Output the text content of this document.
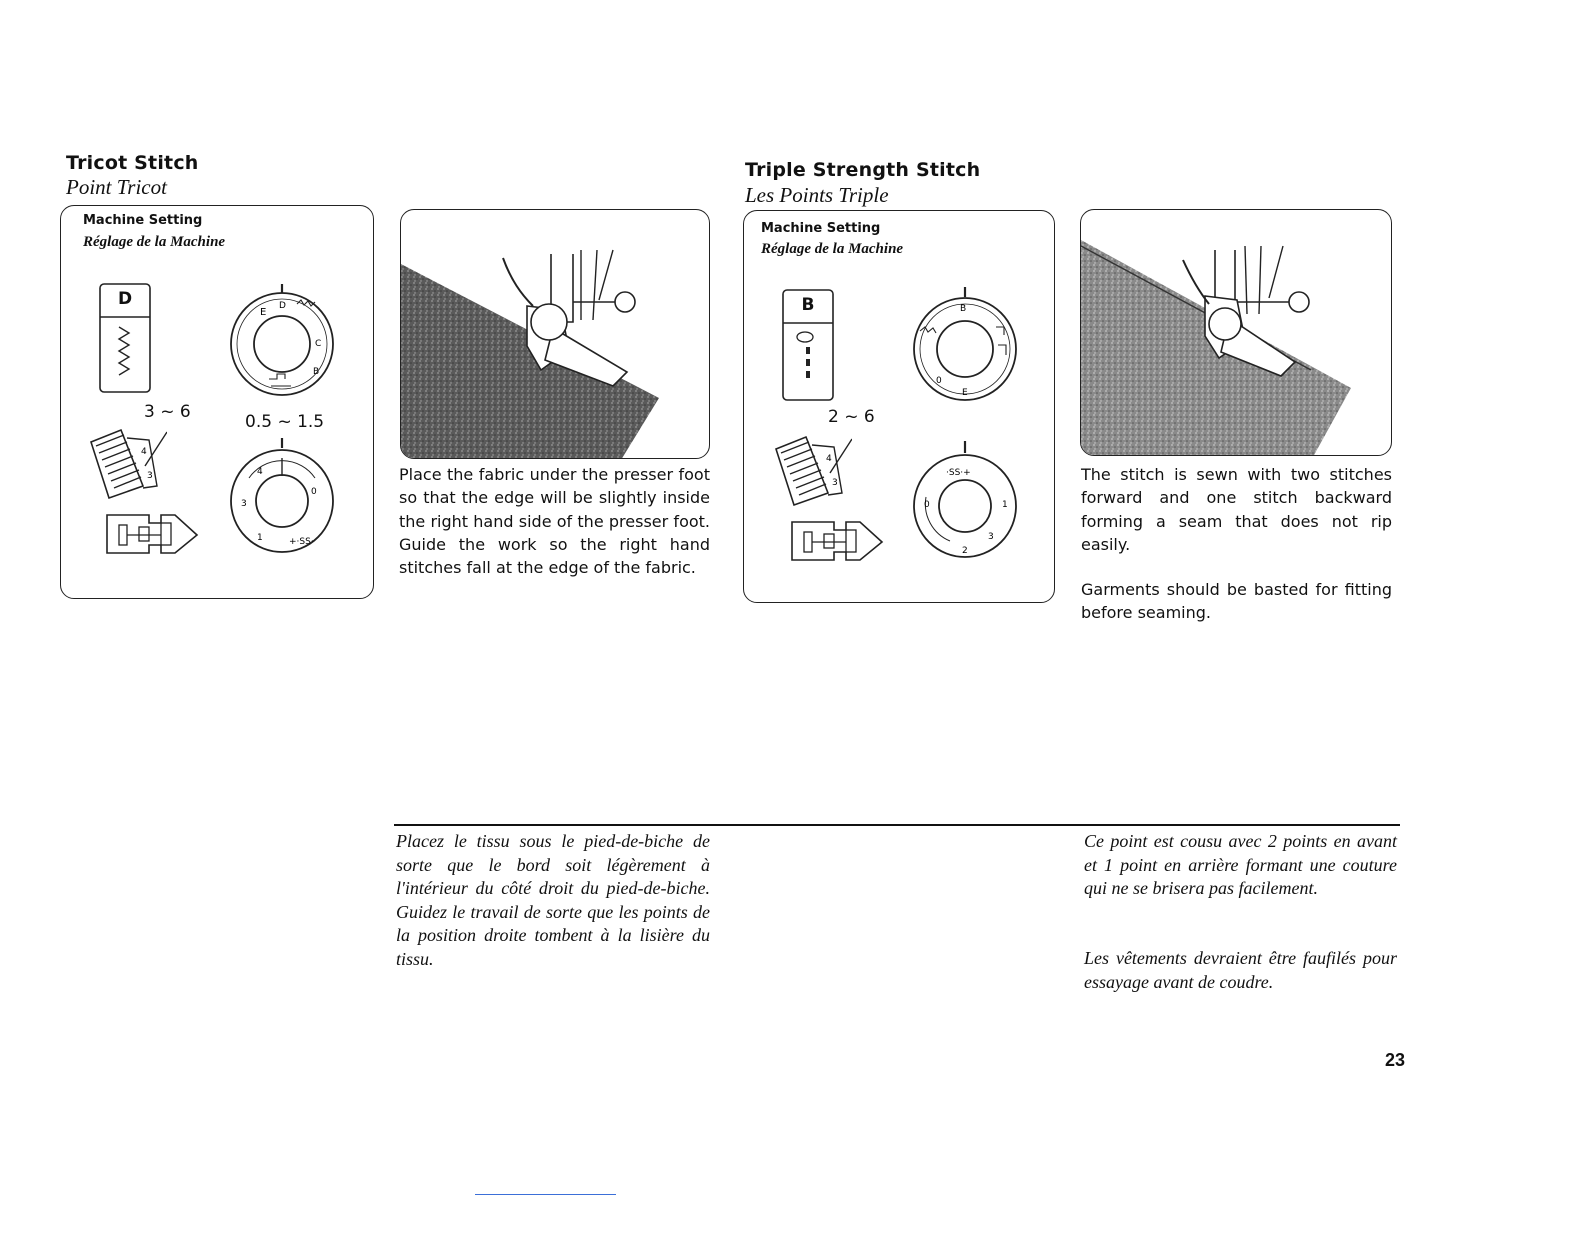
Tricot Stitch
Point Tricot
Machine Setting
Réglage de la Machine
D
E
D
C
B
3 ~ 6	0.5 ~ 1.5
4
3	4
3
1
0
+·SS·
Place the fabric under the presser foot so that the edge will be slightly inside the right hand side of the presser foot. Guide the work so the right hand stitches fall at the edge of the fabric.
Triple Strength Stitch
Les Points Triple
Machine Setting
Réglage de la Machine
B	B
0
E
2 ~ 6
4
3
·SS·+
0	1
2
3
The stitch is sewn with two stitches forward and one stitch backward forming a seam that does not rip easily.
Garments should be basted for fitting before seaming.
Placez le tissu sous le pied-de-biche de sorte que le bord soit légèrement à l'intérieur du côté droit du pied-de-biche. Guidez le travail de sorte que les points de la position droite tombent à la lisière du tissu.
Ce point est cousu avec 2 points en avant et 1 point en arrière formant une couture qui ne se brisera pas facilement.
Les vêtements devraient être faufilés pour essayage avant de coudre.
23
